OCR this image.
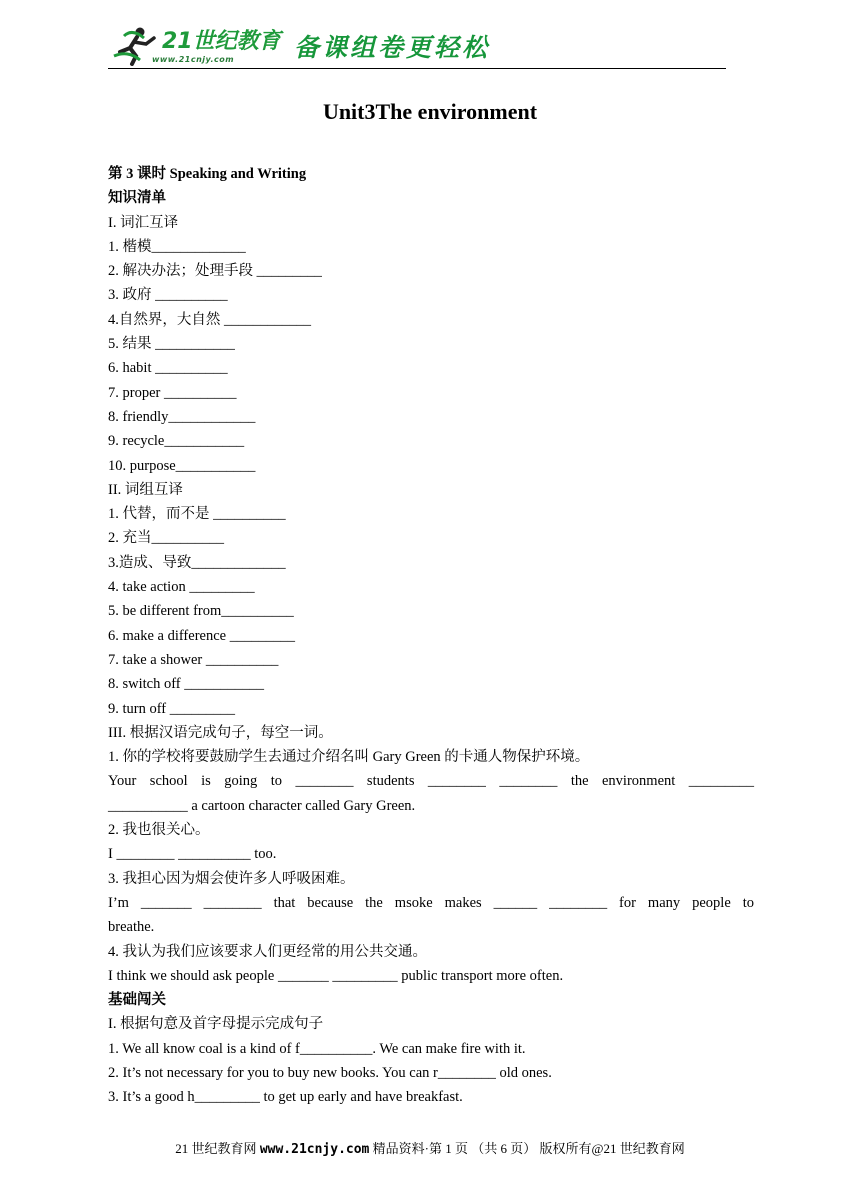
21世纪教育
www.21cnjy.com 备课组卷更轻松
Unit3The environment
第 3 课时 Speaking and Writing
知识清单
I. 词汇互译
1. 楷模_____________
2. 解决办法；处理手段 _________
3. 政府 __________
4.自然界，大自然 ____________
5. 结果 ___________
6. habit __________
7. proper __________
8. friendly____________
9. recycle___________
10. purpose___________
II. 词组互译
1. 代替，而不是 __________
2. 充当__________
3.造成、导致_____________
4. take action _________
5. be different from__________
6. make a difference _________
7. take a shower __________
8. switch off ___________
9. turn off _________
III. 根据汉语完成句子，每空一词。
1. 你的学校将要鼓励学生去通过介绍名叫 Gary Green 的卡通人物保护环境。
Your school is going to ________ students ________ ________ the environment _________
___________ a cartoon character called Gary Green.
2. 我也很关心。
I ________ __________ too.
3. 我担心因为烟会使许多人呼吸困难。
I’m _______ ________ that because the msoke makes ______ ________ for many people to
breathe.
4. 我认为我们应该要求人们更经常的用公共交通。
I think we should ask people _______ _________ public transport more often.
基础闯关
I. 根据句意及首字母提示完成句子
1. We all know coal is a kind of f__________. We can make fire with it.
2. It’s not necessary for you to buy new books. You can r________ old ones.
3. It’s a good h_________ to get up early and have breakfast.
21 世纪教育网 www.21cnjy.com 精品资料·第 1 页 （共 6 页） 版权所有@21 世纪教育网
